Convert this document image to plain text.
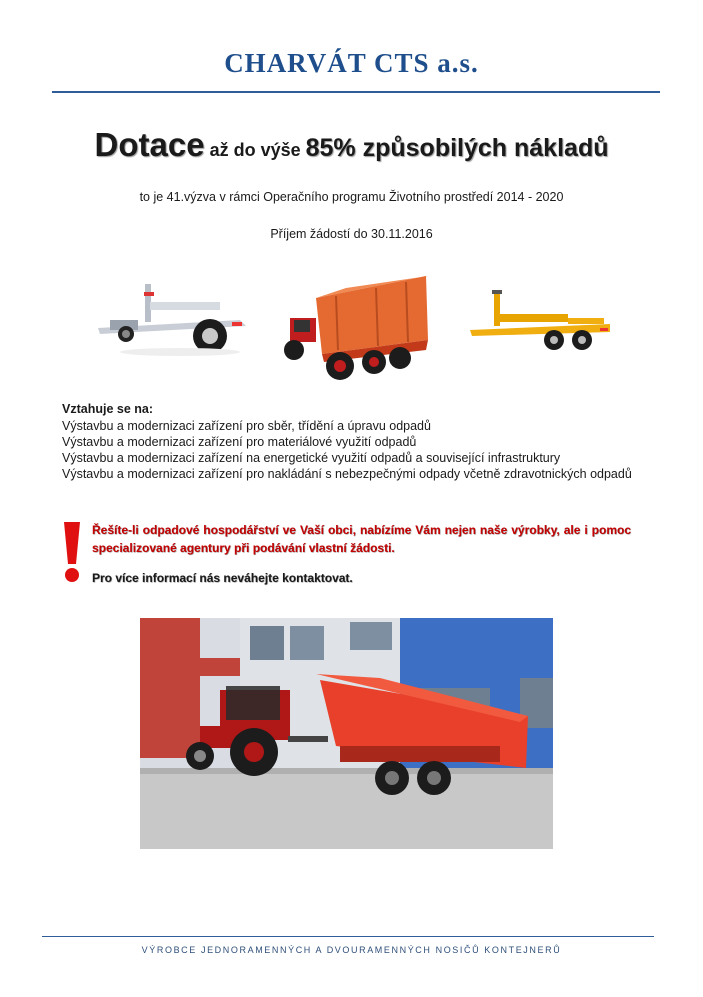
CHARVÁT CTS a.s.
Dotace až do výše 85% způsobilých nákladů
to je 41.výzva v rámci Operačního programu Životního prostředí 2014 - 2020
Příjem žádostí do 30.11.2016
Vztahuje se na:
Výstavbu a modernizaci zařízení pro sběr, třídění a úpravu odpadů
Výstavbu a modernizaci zařízení pro materiálové využití odpadů
Výstavbu a modernizaci zařízení na energetické využití odpadů a související infrastruktury
Výstavbu a modernizaci zařízení pro nakládání s nebezpečnými odpady včetně zdravotnických odpadů
Řešíte-li odpadové hospodářství ve Vaší obci, nabízíme Vám nejen naše výrobky, ale i pomoc specializované agentury při podávání vlastní žádosti.
Pro více informací nás neváhejte kontaktovat.
VÝROBCE JEDNORAMENNÝCH A DVOURAMENNÝCH NOSIČŮ KONTEJNERŮ
